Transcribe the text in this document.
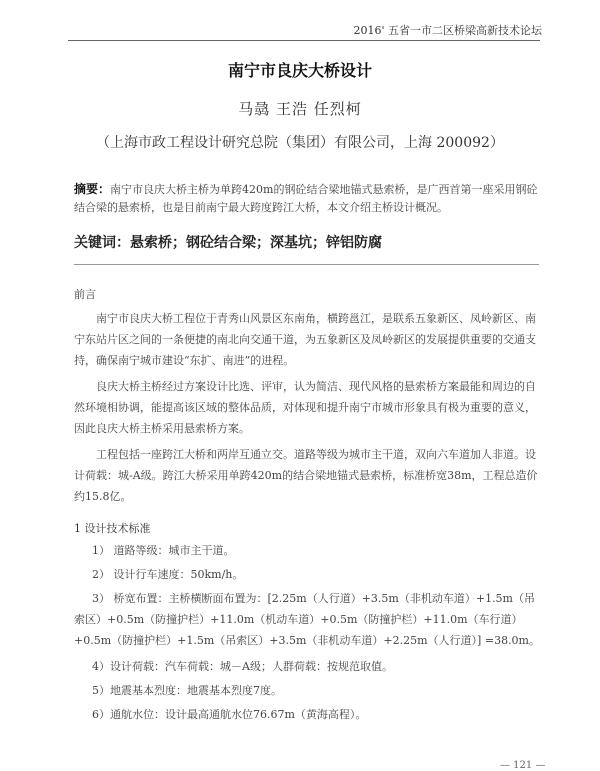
2016' 五省一市二区桥梁高新技术论坛
南宁市良庆大桥设计
马骉 王浩 任烈柯
（上海市政工程设计研究总院（集团）有限公司，上海 200092）

摘要：南宁市良庆大桥主桥为单跨420m的钢砼结合梁地锚式悬索桥，是广西首第一座采用钢砼结合梁的悬索桥，也是目前南宁最大跨度跨江大桥，本文介绍主桥设计概况。

关键词：悬索桥；钢砼结合梁；深基坑；锌铝防腐

前言

南宁市良庆大桥工程位于青秀山风景区东南角，横跨邕江，是联系五象新区、凤岭新区、南宁东站片区之间的一条便捷的南北向交通干道，为五象新区及凤岭新区的发展提供重要的交通支持，确保南宁城市建设“东扩、南进”的进程。

良庆大桥主桥经过方案设计比选、评审，认为简洁、现代风格的悬索桥方案最能和周边的自然环境相协调，能提高该区域的整体品质，对体现和提升南宁市城市形象具有极为重要的意义，因此良庆大桥主桥采用悬索桥方案。

工程包括一座跨江大桥和两岸互通立交。道路等级为城市主干道，双向六车道加人非道。设计荷载：城-A级。跨江大桥采用单跨420m的结合梁地锚式悬索桥，标准桥宽38m，工程总造价约15.8亿。

1 设计技术标准

1） 道路等级：城市主干道。

2） 设计行车速度：50km/h。

3） 桥宽布置：主桥横断面布置为：[2.25m（人行道）+3.5m（非机动车道）+1.5m（吊索区）+0.5m（防撞护栏）+11.0m（机动车道）+0.5m（防撞护栏）+11.0m（车行道）+0.5m（防撞护栏）+1.5m（吊索区）+3.5m（非机动车道）+2.25m（人行道）] =38.0m。

4）设计荷载：汽车荷载：城－A级；人群荷载：按规范取值。

5）地震基本烈度：地震基本烈度7度。

6）通航水位：设计最高通航水位76.67m（黄海高程）。

— 121 —
